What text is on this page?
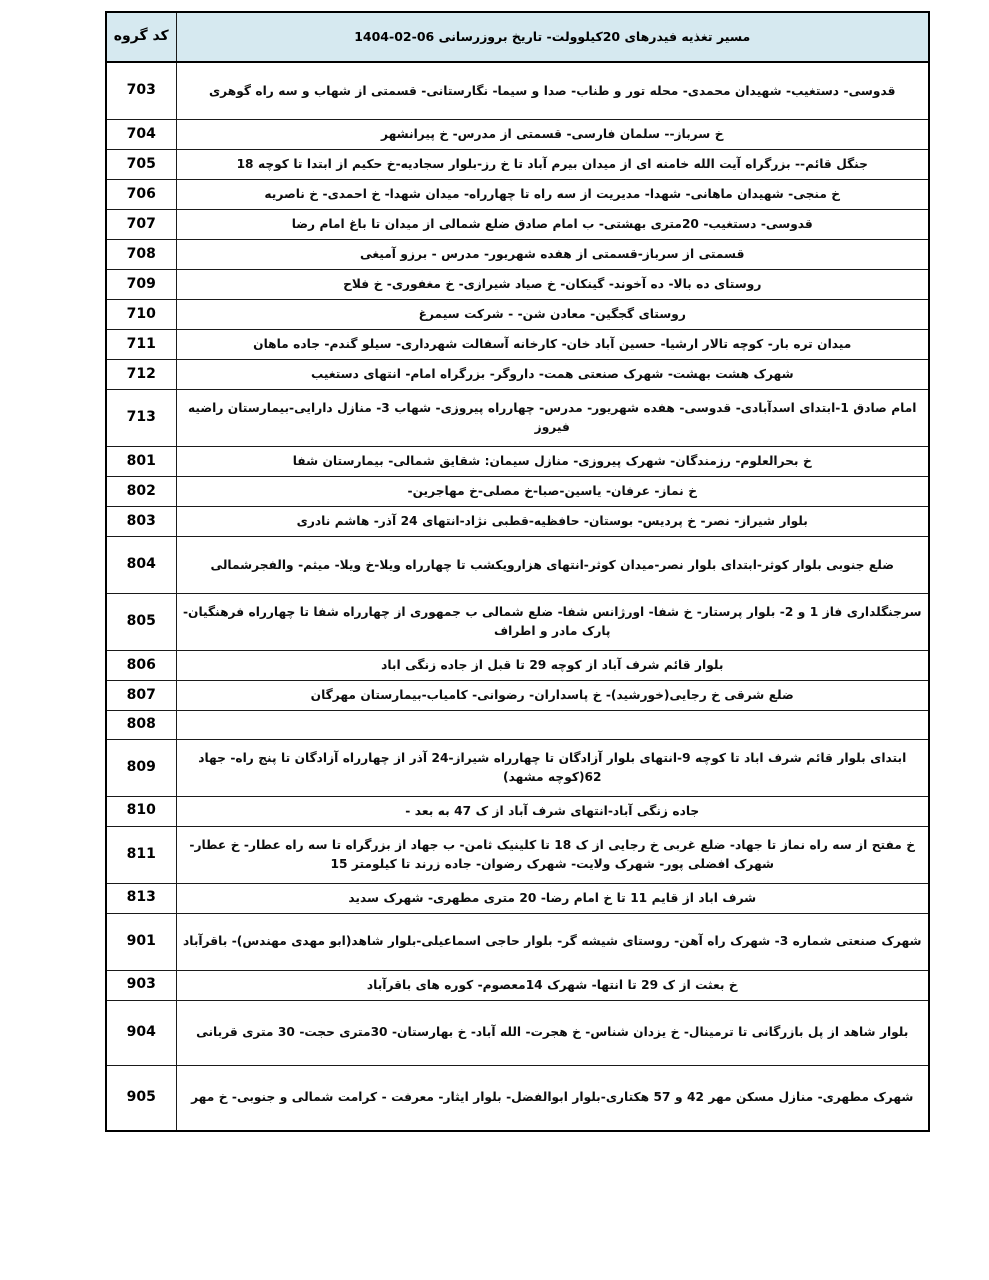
مسیر تغذیه فیدرهای 20کیلوولت- تاریخ بروزرسانی 06-02-1404	کد گروه
قدوسی- دستغیب- شهیدان محمدی- محله تور و طناب- صدا و سیما- نگارستانی- قسمتی از شهاب و سه راه گوهری	703
خ سرباز-- سلمان فارسی- قسمتی از مدرس- خ پیرانشهر	704
جنگل قائم-- بزرگراه آیت الله خامنه ای از میدان بیرم آباد تا خ رز-بلوار سجادیه-خ حکیم از ابتدا تا کوچه 18	705
خ منجی- شهیدان ماهانی- شهدا- مدیریت از سه راه تا چهارراه- میدان شهدا- خ احمدی- خ ناصریه	706
قدوسی- دستغیب- 20متری بهشتی- ب امام صادق ضلع شمالی از میدان تا باغ امام رضا	707
قسمتی از سرباز-قسمتی از هفده شهریور- مدرس - برزو آمیغی	708
روستای ده بالا- ده آخوند- گینکان- خ صیاد شیرازی- خ مغفوری- خ فلاح	709
روستای گجگین- معادن شن- - شرکت سیمرغ	710
میدان تره بار- کوچه تالار ارشیا- حسین آباد خان- کارخانه آسفالت شهرداری- سیلو گندم- جاده ماهان	711
شهرک هشت بهشت- شهرک صنعتی همت- داروگر- بزرگراه امام- انتهای دستغیب	712
امام صادق 1-ابتدای اسدآبادی- قدوسی- هفده شهریور- مدرس- چهارراه پیروزی- شهاب 3- منازل دارایی-بیمارستان راضیه فیروز	713
خ بحرالعلوم- رزمندگان- شهرک پیروزی- منازل سیمان: شقایق شمالی- بیمارستان شفا	801
خ نماز- عرفان- یاسین-صبا-خ مصلی-خ مهاجرین-	802
بلوار شیراز- نصر- خ پردیس- بوستان- حافظیه-قطبی نژاد-انتهای 24 آذر- هاشم نادری	803
ضلع جنوبی بلوار کوثر-ابتدای بلوار نصر-میدان کوثر-انتهای هزارویکشب تا چهارراه ویلا-خ ویلا- میثم- والفجرشمالی	804
سرجنگلداری فاز 1 و 2- بلوار پرستار- خ شفا- اورژانس شفا- ضلع شمالی ب جمهوری از چهارراه شفا تا چهارراه فرهنگیان- پارک مادر و اطراف	805
بلوار قائم شرف آباد از کوچه 29 تا قبل از جاده زنگی اباد	806
ضلع شرقی خ رجایی(خورشید)- خ پاسداران- رضوانی- کامیاب-بیمارستان مهرگان	807
	808
ابتدای بلوار قائم شرف اباد تا کوچه 9-انتهای بلوار آزادگان تا چهارراه شیراز-24 آذر از چهارراه آزادگان تا پنج راه- جهاد 62(کوچه مشهد)	809
جاده زنگی آباد-انتهای شرف آباد از ک 47 به بعد -	810
خ مفتح از سه راه نماز تا جهاد- ضلع غربی خ رجایی از ک 18 تا کلینیک ثامن- ب جهاد از بزرگراه تا سه راه عطار- خ عطار- شهرک افضلی پور- شهرک ولایت- شهرک رضوان- جاده زرند تا کیلومتر 15	811
شرف اباد از قایم 11 تا خ امام رضا- 20 متری مطهری- شهرک سدید	813
شهرک صنعتی شماره 3- شهرک راه آهن- روستای شیشه گر- بلوار حاجی اسماعیلی-بلوار شاهد(ابو مهدی مهندس)- باقرآباد	901
خ بعثت از ک 29 تا انتها- شهرک 14معصوم- کوره های باقرآباد	903
بلوار شاهد از پل بازرگانی تا ترمینال- خ یزدان شناس- خ هجرت- الله آباد- خ بهارستان- 30متری حجت- 30 متری قربانی	904
شهرک مطهری- منازل مسکن مهر 42 و 57 هکتاری-بلوار ابوالفضل- بلوار ایثار- معرفت - کرامت شمالی و جنوبی- خ مهر	905
